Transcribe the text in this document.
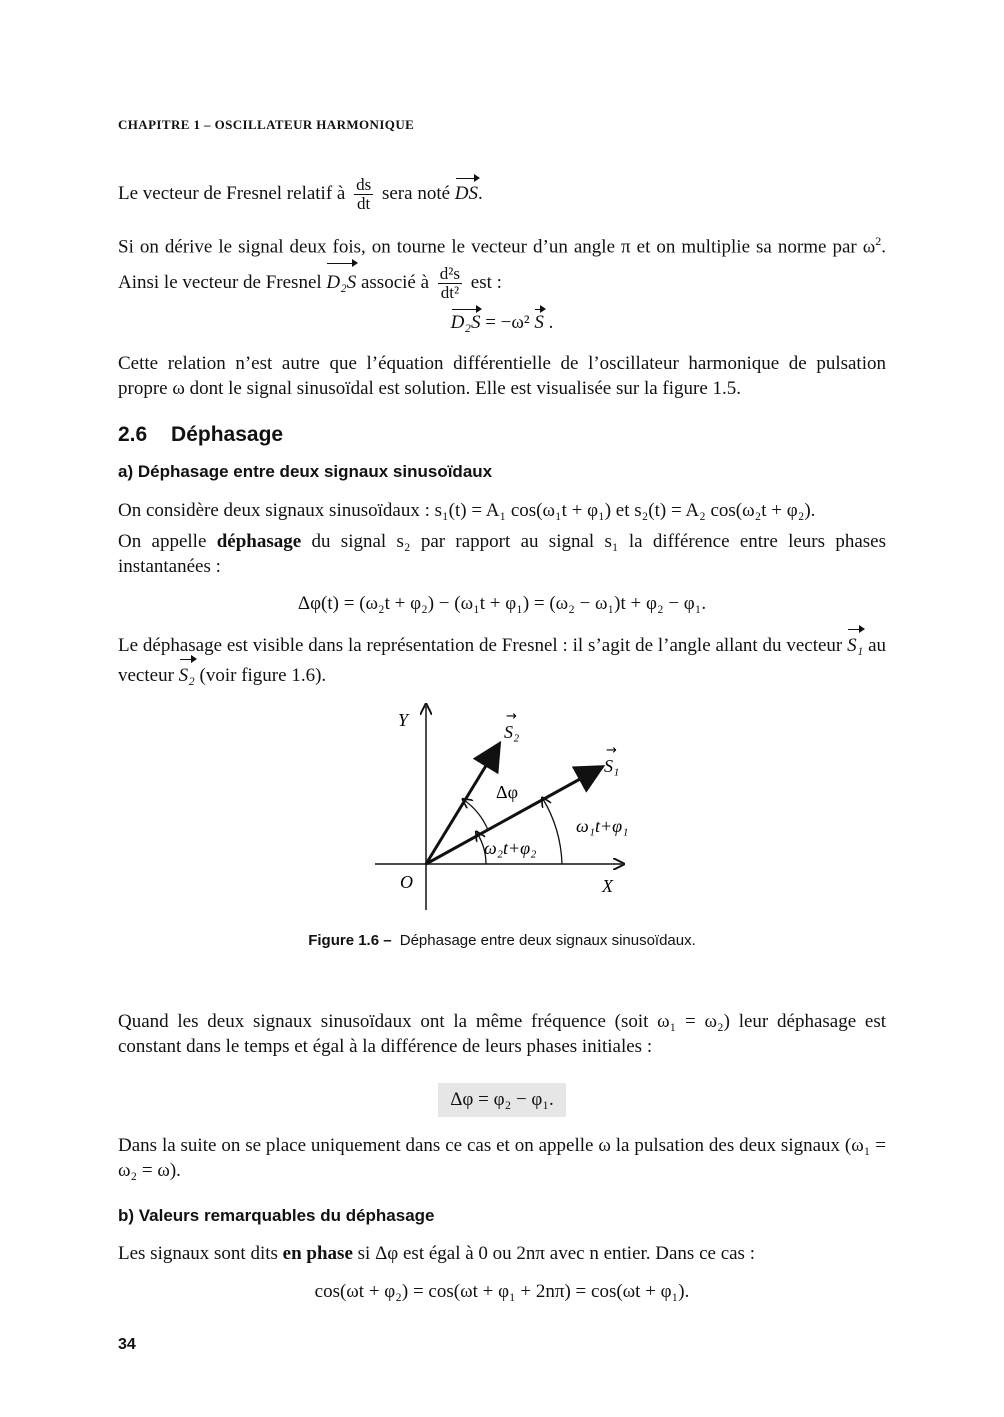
CHAPITRE 1 – OSCILLATEUR HARMONIQUE
Le vecteur de Fresnel relatif à $\frac{ds}{dt}$ sera noté DS.
Si on dérive le signal deux fois, on tourne le vecteur d’un angle π et on multiplie sa norme par $\omega^2$. Ainsi le vecteur de Fresnel D₂S associé à $\frac{\text{d²s}}{\text{dt²}}$ est :
D₂S = −ω² S .
Cette relation n’est autre que l’équation différentielle de l’oscillateur harmonique de pulsation propre ω dont le signal sinusoïdal est solution. Elle est visualisée sur la figure 1.5.
2.6 Déphasage
a) Déphasage entre deux signaux sinusoïdaux
On considère deux signaux sinusoïdaux : s₁(t) = A₁ cos(ω₁t + φ₁) et s₂(t) = A₂ cos(ω₂t + φ₂).
On appelle déphasage du signal s₂ par rapport au signal s₁ la différence entre leurs phases instantanées :
Δφ(t) = (ω₂t + φ₂) − (ω₁t + φ₁) = (ω₂ − ω₁)t + φ₂ − φ₁.
Le déphasage est visible dans la représentation de Fresnel : il s’agit de l’angle allant du vecteur S₁ au vecteur S₂ (voir figure 1.6).
Y
X
O
S₂
→
S₁
→
Δφ
ω₁t+φ₁
ω₂t+φ₂
Figure 1.6 – Déphasage entre deux signaux sinusoïdaux.
Quand les deux signaux sinusoïdaux ont la même fréquence (soit ω₁ = ω₂) leur déphasage est constant dans le temps et égal à la différence de leurs phases initiales :
Δφ = φ₂ − φ₁.
Dans la suite on se place uniquement dans ce cas et on appelle ω la pulsation des deux signaux (ω₁ = ω₂ = ω).
b) Valeurs remarquables du déphasage
Les signaux sont dits en phase si Δφ est égal à 0 ou 2nπ avec n entier. Dans ce cas :
cos(ωt + φ₂) = cos(ωt + φ₁ + 2nπ) = cos(ωt + φ₁).
34
